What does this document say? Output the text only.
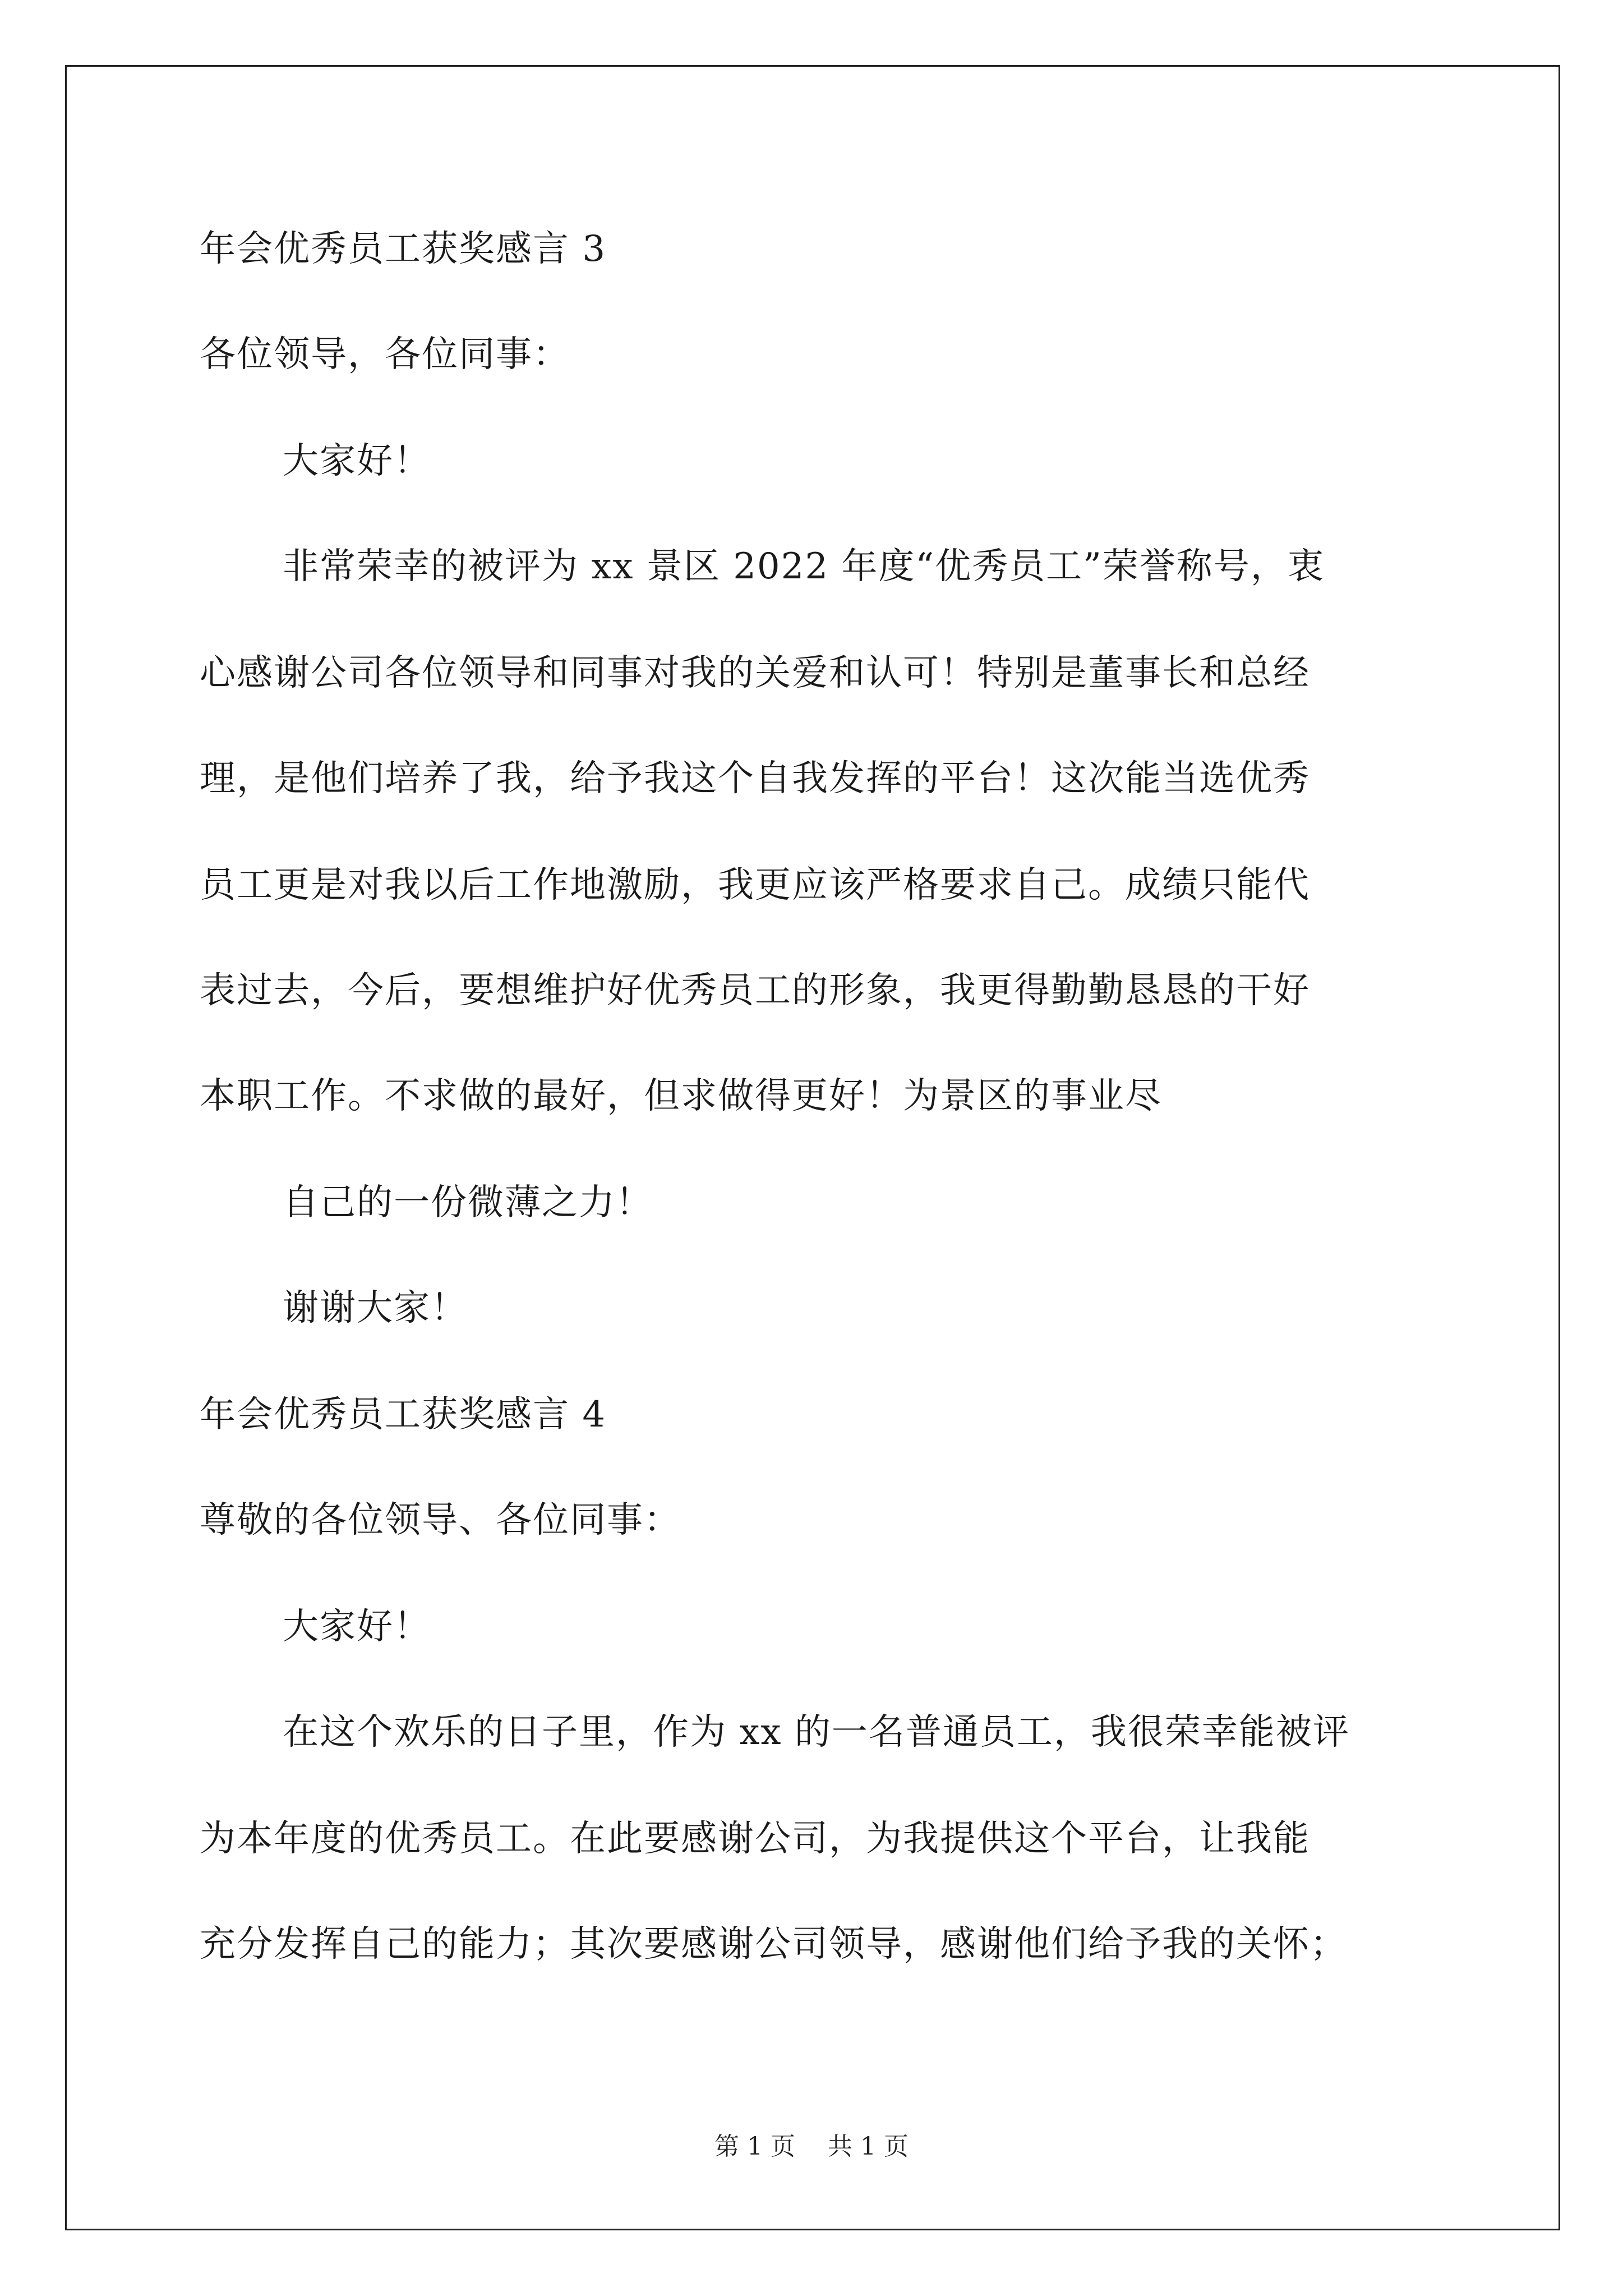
年会优秀员工获奖感言 3
各位领导，各位同事：
大家好！
非常荣幸的被评为 xx 景区 2022 年度“优秀员工”荣誉称号，衷
心感谢公司各位领导和同事对我的关爱和认可！特别是董事长和总经
理，是他们培养了我，给予我这个自我发挥的平台！这次能当选优秀
员工更是对我以后工作地激励，我更应该严格要求自己。成绩只能代
表过去，今后，要想维护好优秀员工的形象，我更得勤勤恳恳的干好
本职工作。不求做的最好，但求做得更好！为景区的事业尽
自己的一份微薄之力！
谢谢大家！
年会优秀员工获奖感言 4
尊敬的各位领导、各位同事：
大家好！
在这个欢乐的日子里，作为 xx 的一名普通员工，我很荣幸能被评
为本年度的优秀员工。在此要感谢公司，为我提供这个平台，让我能
充分发挥自己的能力；其次要感谢公司领导，感谢他们给予我的关怀；
第 1 页 共 1 页
